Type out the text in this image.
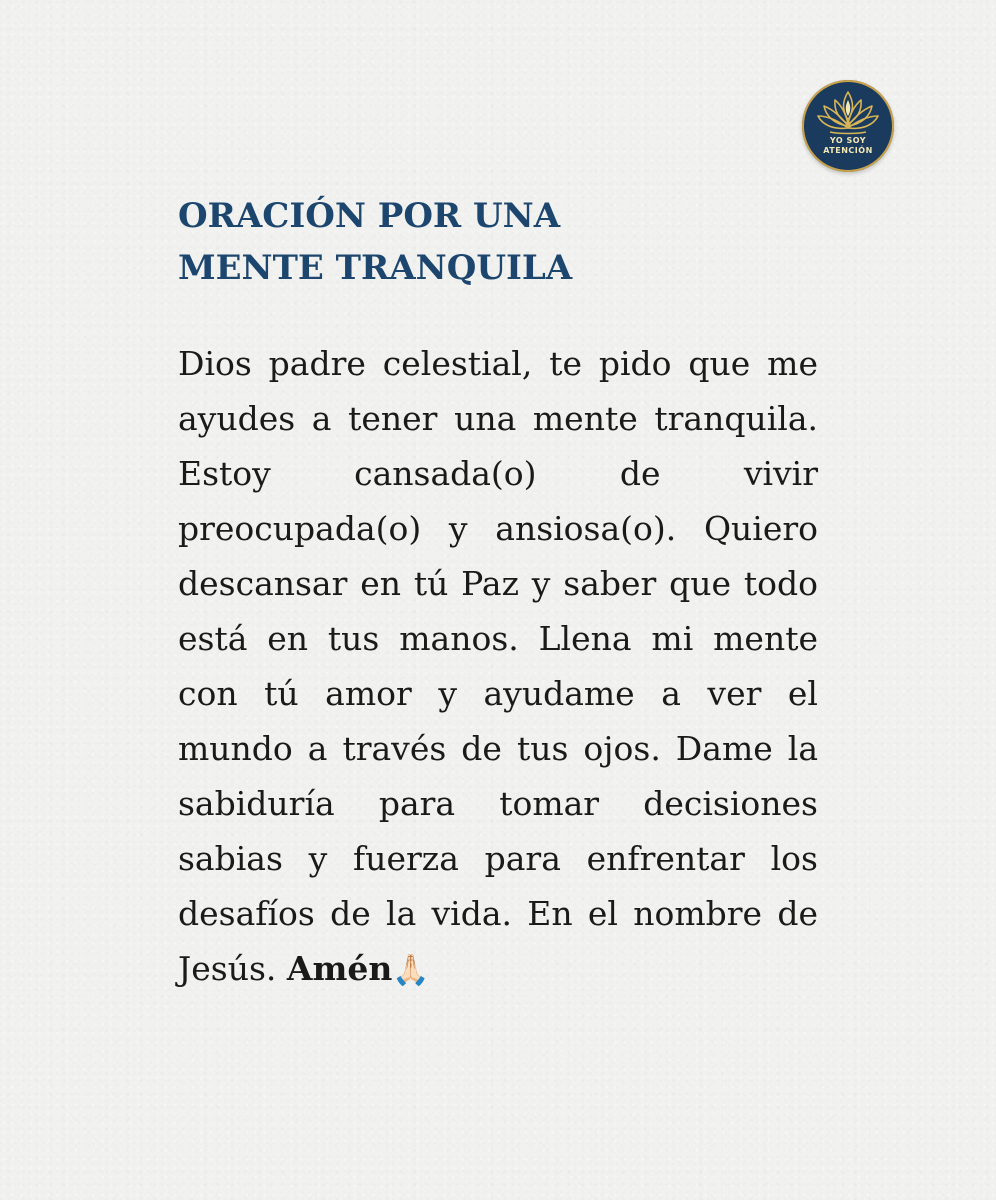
YO SOY
ATENCIÓN
ORACIÓN POR UNA
MENTE TRANQUILA

Dios padre celestial, te pido que me ayudes a tener una mente tranquila. Estoy cansada(o) de vivir preocupada(o) y ansiosa(o). Quiero descansar en tú Paz y saber que todo está en tus manos. Llena mi mente con tú amor y ayudame a ver el mundo a través de tus ojos. Dame la sabiduría para tomar decisiones sabias y fuerza para enfrentar los desafíos de la vida. En el nombre de Jesús. Amén🙏🏻
